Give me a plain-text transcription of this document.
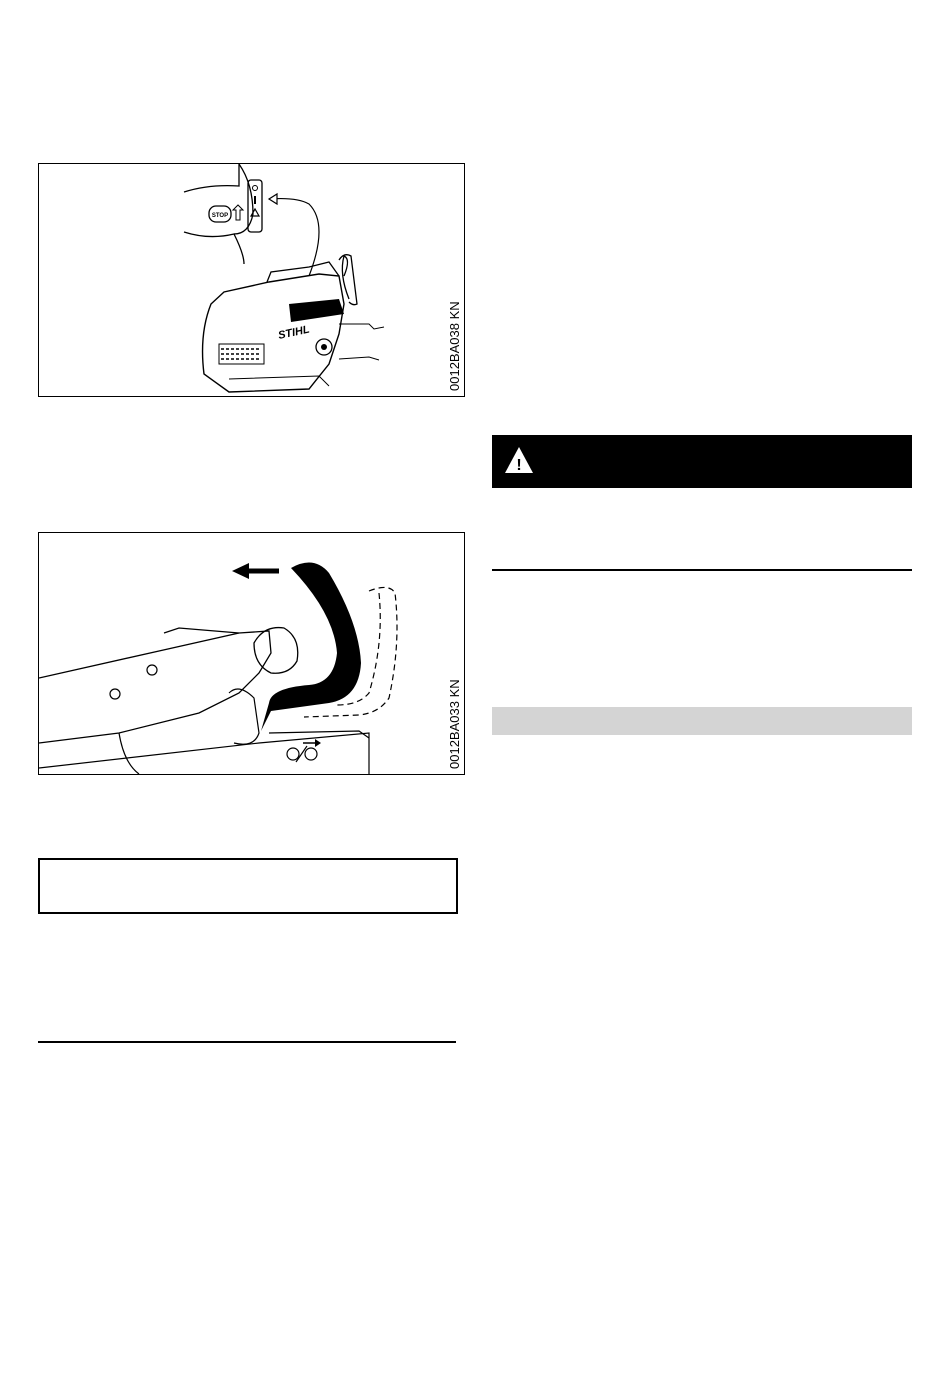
STOP
STIHL	0012BA038 KN
0012BA033 KN
!
